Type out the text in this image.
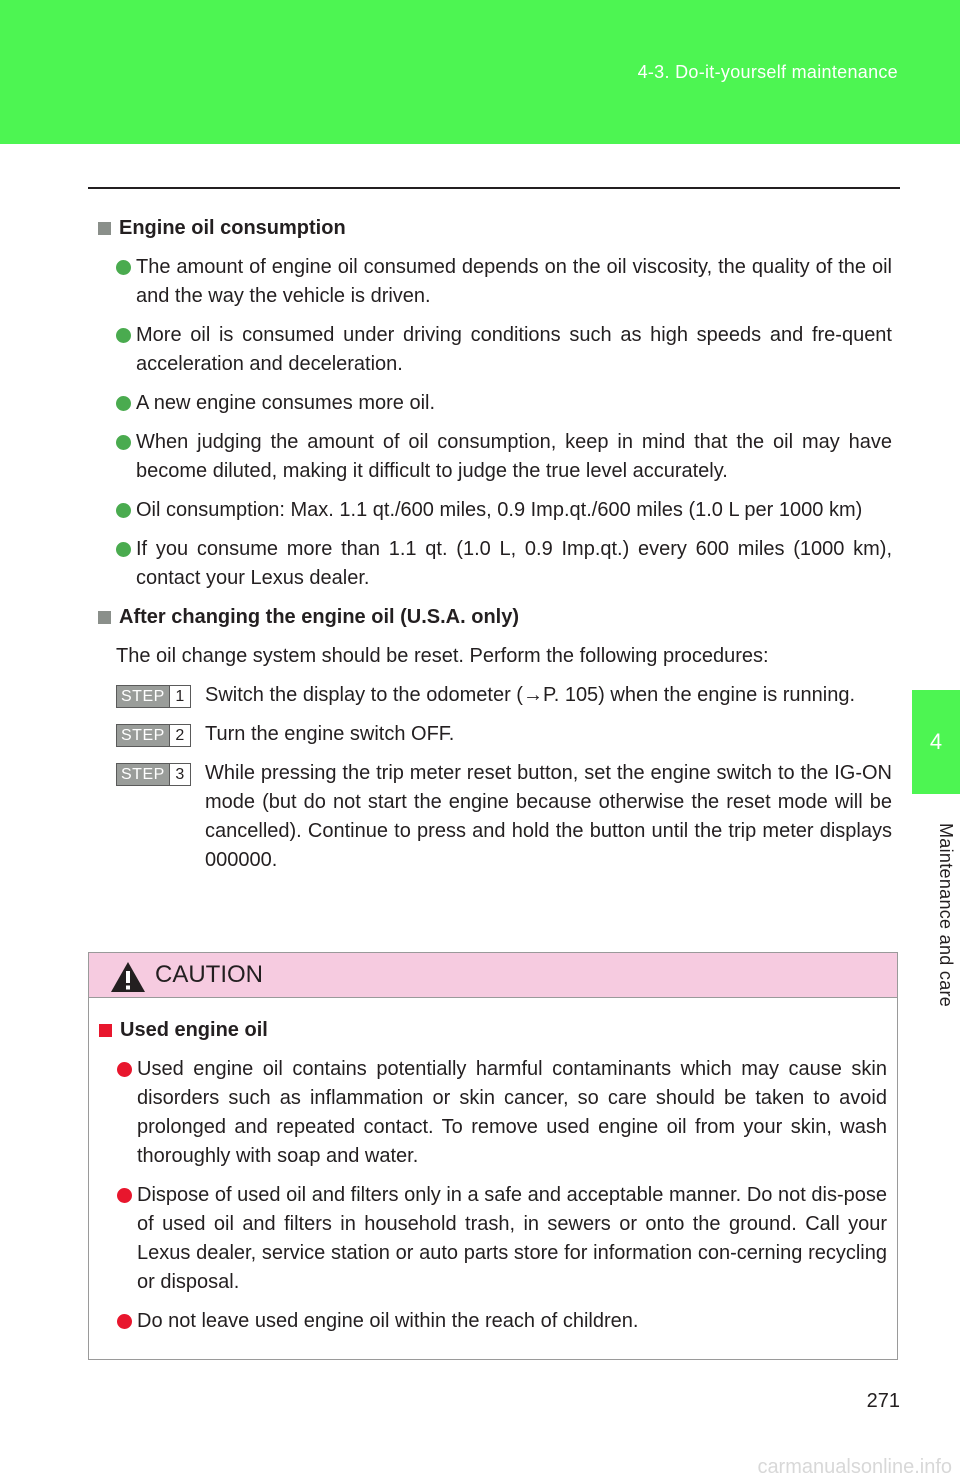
4-3. Do-it-yourself maintenance
4
Maintenance and care
Engine oil consumption
The amount of engine oil consumed depends on the oil viscosity, the quality of the oil and the way the vehicle is driven.
More oil is consumed under driving conditions such as high speeds and fre-quent acceleration and deceleration.
A new engine consumes more oil.
When judging the amount of oil consumption, keep in mind that the oil may have become diluted, making it difficult to judge the true level accurately.
Oil consumption: Max. 1.1 qt./600 miles, 0.9 Imp.qt./600 miles (1.0 L per 1000 km)
If you consume more than 1.1 qt. (1.0 L, 0.9 Imp.qt.) every 600 miles (1000 km), contact your Lexus dealer.
After changing the engine oil (U.S.A. only)
The oil change system should be reset. Perform the following procedures:
STEP 1 Switch the display to the odometer (→P. 105) when the engine is running.
STEP 2 Turn the engine switch OFF.
STEP 3 While pressing the trip meter reset button, set the engine switch to the IG-ON mode (but do not start the engine because otherwise the reset mode will be cancelled). Continue to press and hold the button until the trip meter displays 000000.
CAUTION
Used engine oil
Used engine oil contains potentially harmful contaminants which may cause skin disorders such as inflammation or skin cancer, so care should be taken to avoid prolonged and repeated contact. To remove used engine oil from your skin, wash thoroughly with soap and water.
Dispose of used oil and filters only in a safe and acceptable manner. Do not dis-pose of used oil and filters in household trash, in sewers or onto the ground. Call your Lexus dealer, service station or auto parts store for information con-cerning recycling or disposal.
Do not leave used engine oil within the reach of children.
271
carmanualsonline.info
